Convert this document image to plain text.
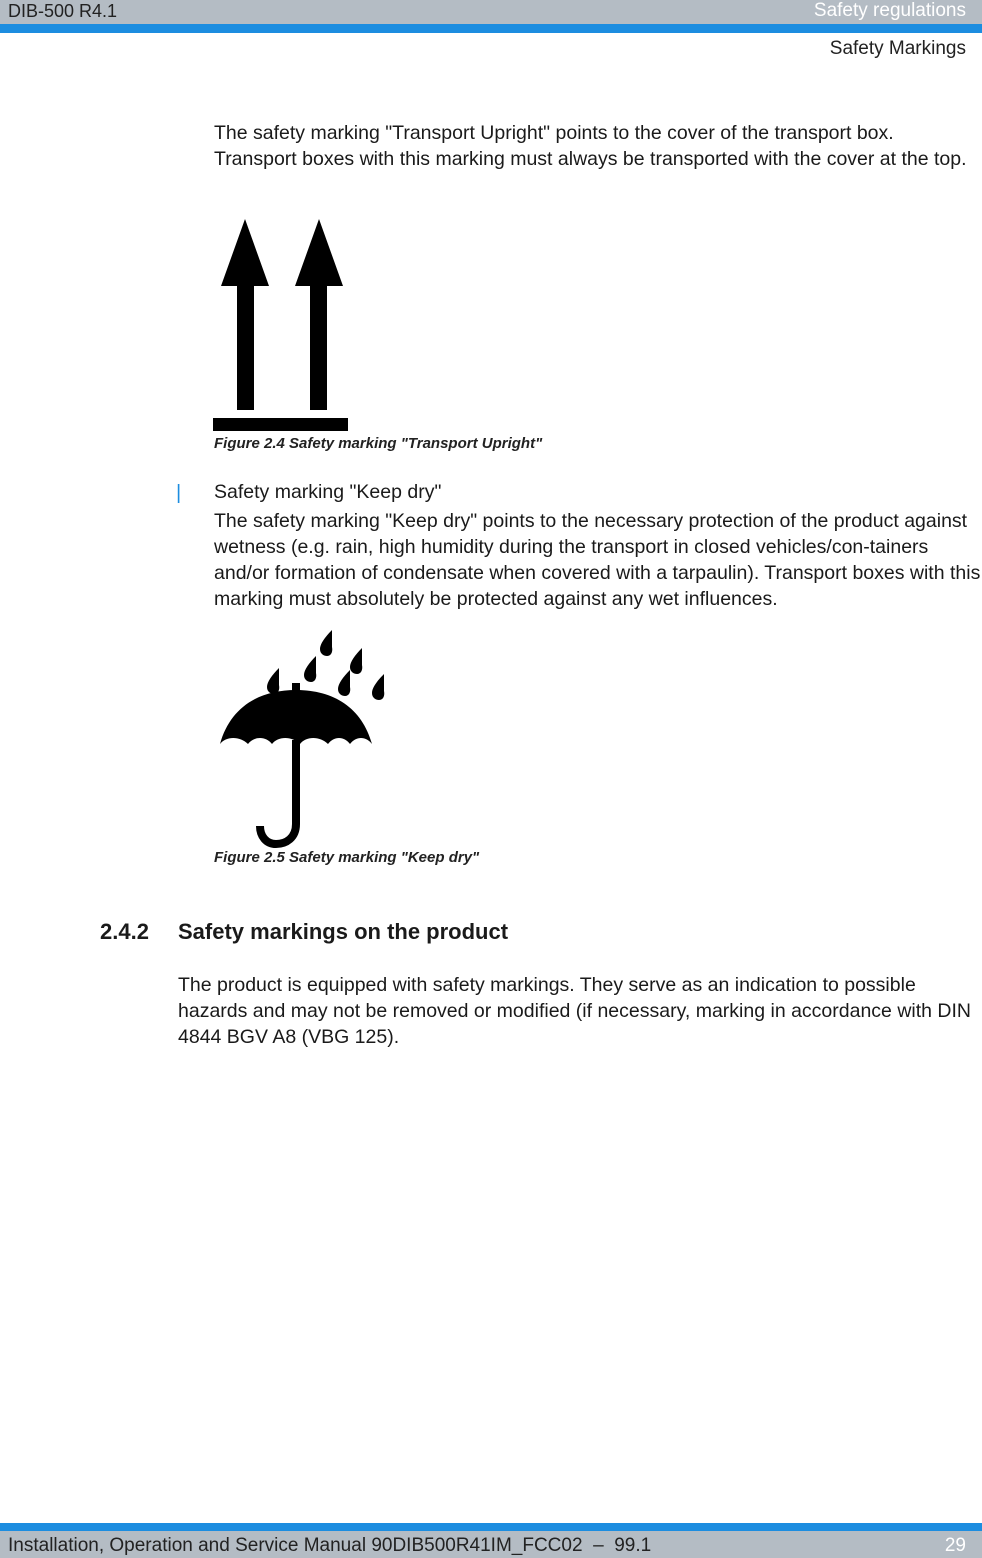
DIB-500 R4.1	Safety regulations
Safety Markings

The safety marking "Transport Upright" points to the cover of the transport box. Transport boxes with this marking must always be transported with the cover at the top.

Figure 2.4 Safety marking "Transport Upright"
| Safety marking "Keep dry"

The safety marking "Keep dry" points to the necessary protection of the product against wetness (e.g. rain, high humidity during the transport in closed vehicles/con-tainers and/or formation of condensate when covered with a tarpaulin). Transport boxes with this marking must absolutely be protected against any wet influences.

Figure 2.5 Safety marking "Keep dry"
2.4.2 Safety markings on the product

The product is equipped with safety markings. They serve as an indication to possible hazards and may not be removed or modified (if necessary, marking in accordance with DIN 4844 BGV A8 (VBG 125).

Installation, Operation and Service Manual 90DIB500R41IM_FCC02  –  99.1	29
